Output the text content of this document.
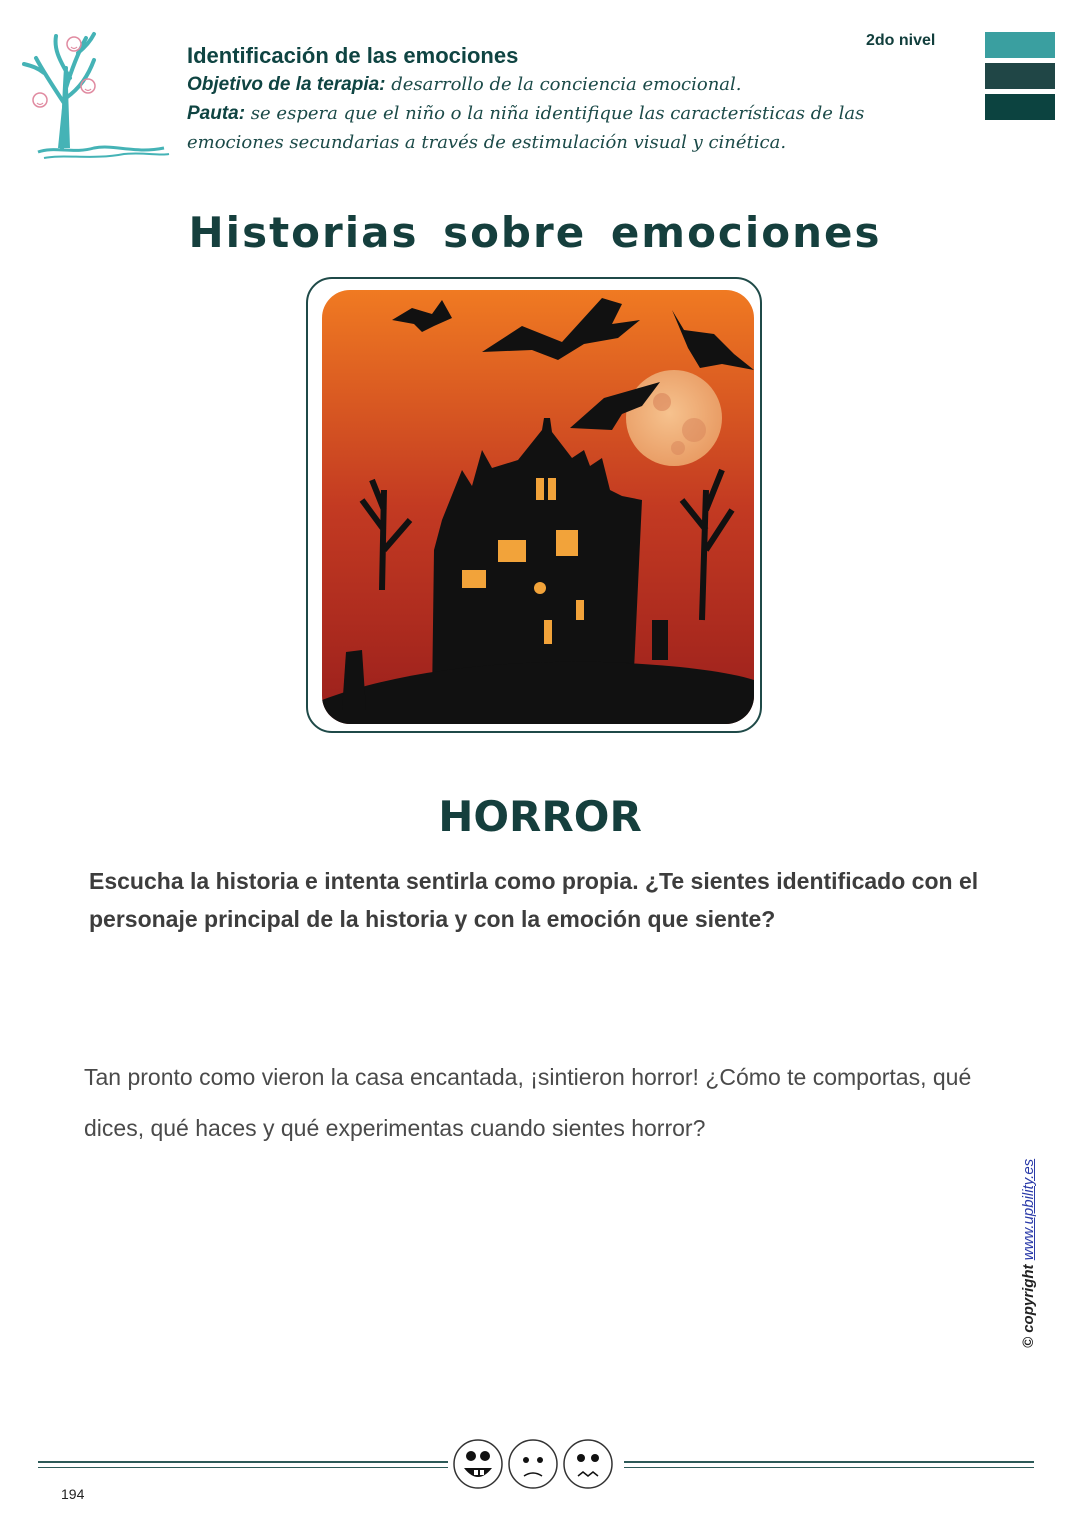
Identificación de las emociones
Objetivo de la terapia: desarrollo de la conciencia emocional.
Pauta: se espera que el niño o la niña identifique las características de las emociones secundarias a través de estimulación visual y cinética.
2do nivel
Historias sobre emociones
HORROR
Escucha la historia e intenta sentirla como propia. ¿Te sientes identificado con el personaje principal de la historia y con la emoción que siente?
Tan pronto como vieron la casa encantada, ¡sintieron horror! ¿Cómo te comportas, qué dices, qué haces y qué experimentas cuando sientes horror?
© copyright www.upbility.es
194
